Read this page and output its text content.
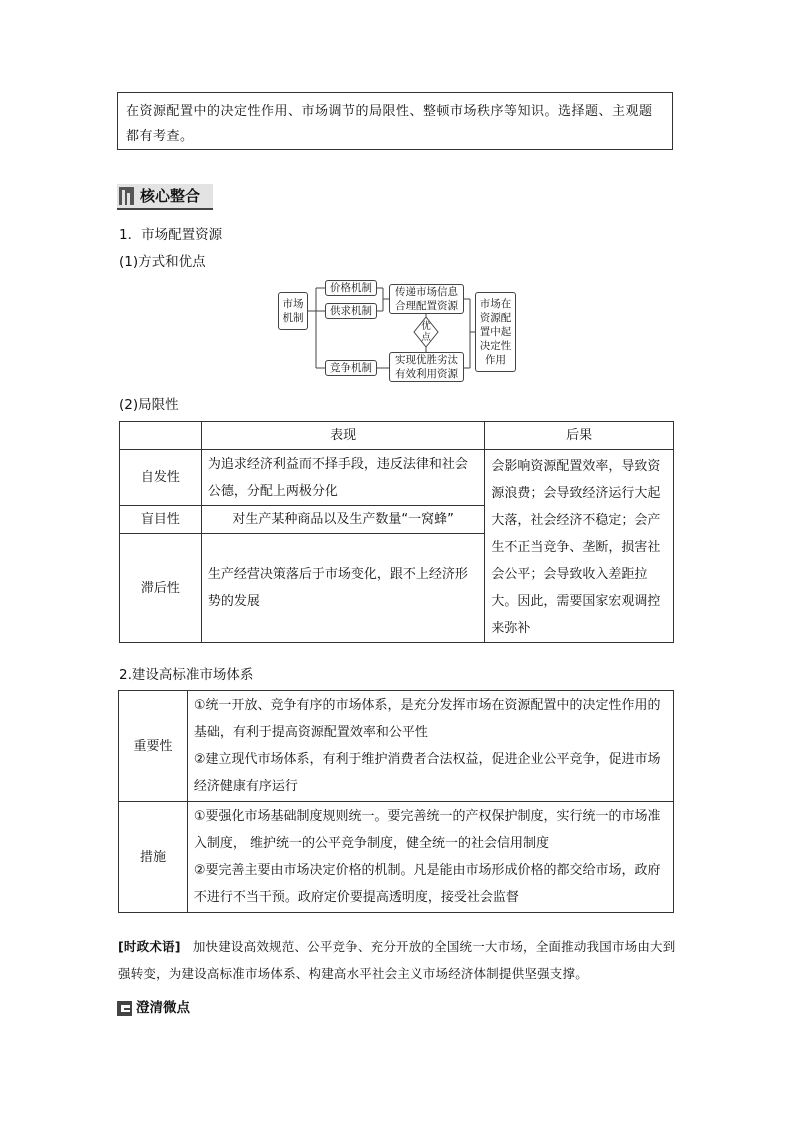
在资源配置中的决定性作用、市场调节的局限性、整顿市场秩序等知识。选择题、主观题都有考查。
核心整合
1．市场配置资源
(1)方式和优点
市场
机制
价格机制
供求机制
竞争机制
传递市场信息
合理配置资源
优
点
实现优胜劣汰
有效利用资源
市场在
资源配
置中起
决定性
作用
(2)局限性
	表现	后果
自发性	为追求经济利益而不择手段，违反法律和社会公德，分配上两极分化	会影响资源配置效率，导致资源浪费；会导致经济运行大起大落，社会经济不稳定；会产生不正当竞争、垄断，损害社会公平；会导致收入差距拉大。因此，需要国家宏观调控来弥补
盲目性	对生产某种商品以及生产数量“一窝蜂”	
滞后性	生产经营决策落后于市场变化，跟不上经济形势的发展	
2.建设高标准市场体系
重要性	①统一开放、竞争有序的市场体系，是充分发挥市场在资源配置中的决定性作用的基础，有利于提高资源配置效率和公平性
②建立现代市场体系，有利于维护消费者合法权益，促进企业公平竞争，促进市场经济健康有序运行

措施	①要强化市场基础制度规则统一。要完善统一的产权保护制度，实行统一的市场准入制度， 维护统一的公平竞争制度，健全统一的社会信用制度
②要完善主要由市场决定价格的机制。凡是能由市场形成价格的都交给市场，政府不进行不当干预。政府定价要提高透明度，接受社会监督
[时政术语] 加快建设高效规范、公平竞争、充分开放的全国统一大市场，全面推动我国市场由大到强转变，为建设高标准市场体系、构建高水平社会主义市场经济体制提供坚强支撑。
澄清微点
